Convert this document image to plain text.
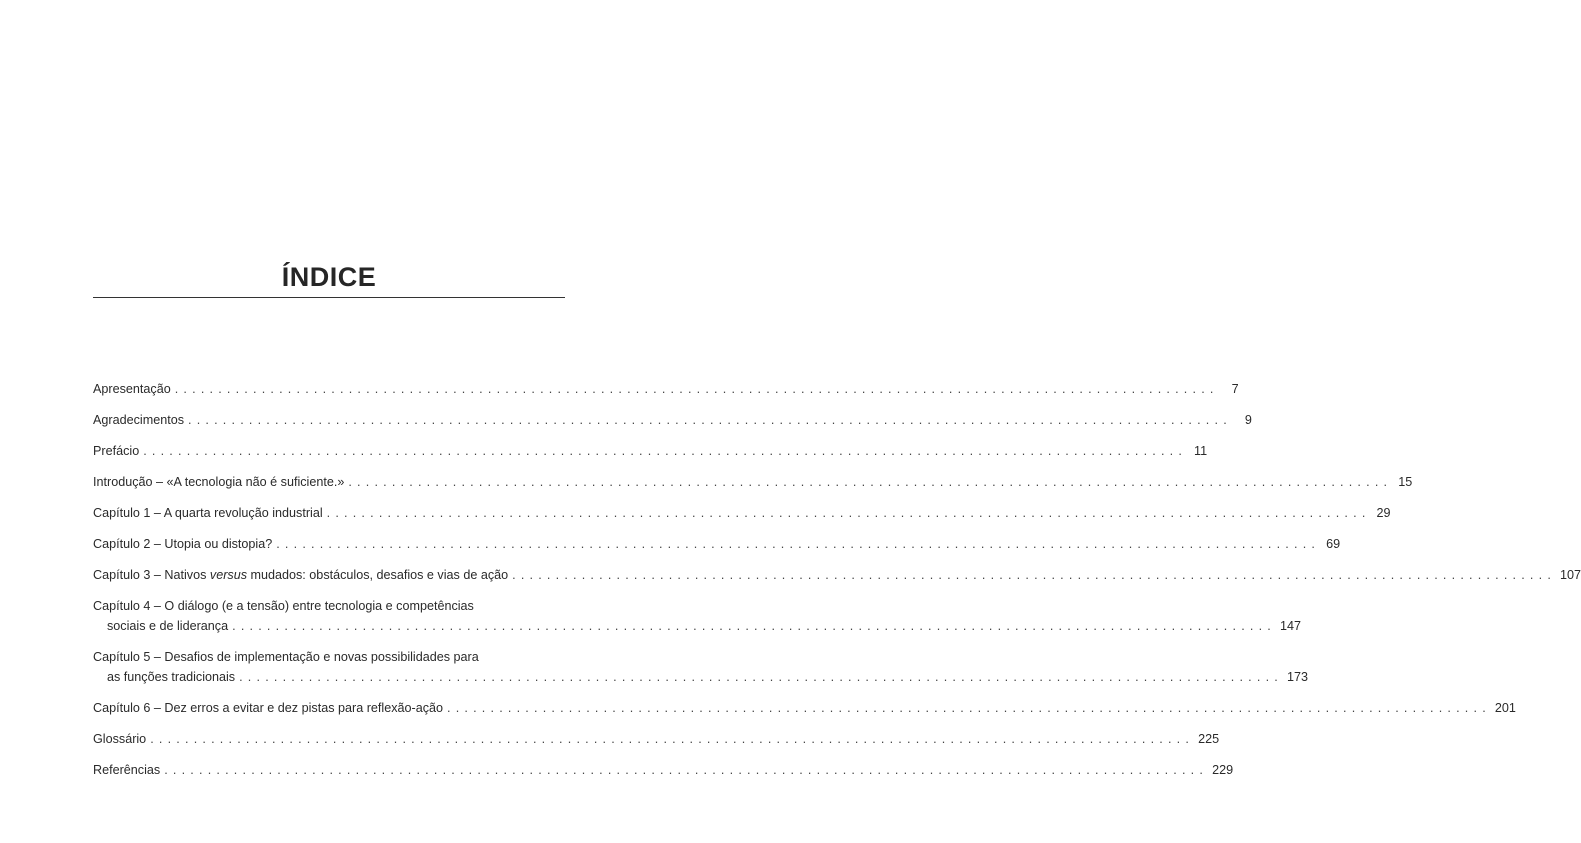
ÍNDICE
Apresentação ........................................................................................................................	7
Agradecimentos ........................................................................................................................	9
Prefácio ........................................................................................................................ 11
Introdução – «A tecnologia não é suficiente.» ........................................................................................................................ 15
Capítulo 1 – A quarta revolução industrial ........................................................................................................................ 29
Capítulo 2 – Utopia ou distopia? ........................................................................................................................ 69
Capítulo 3 – Nativos versus mudados: obstáculos, desafios e vias de ação ........................................................................................................................ 107
Capítulo 4 – O diálogo (e a tensão) entre tecnologia e competências
sociais e de liderança ........................................................................................................................ 147
Capítulo 5 – Desafios de implementação e novas possibilidades para
as funções tradicionais ........................................................................................................................ 173
Capítulo 6 – Dez erros a evitar e dez pistas para reflexão-ação ........................................................................................................................ 201
Glossário ........................................................................................................................ 225
Referências ........................................................................................................................ 229
